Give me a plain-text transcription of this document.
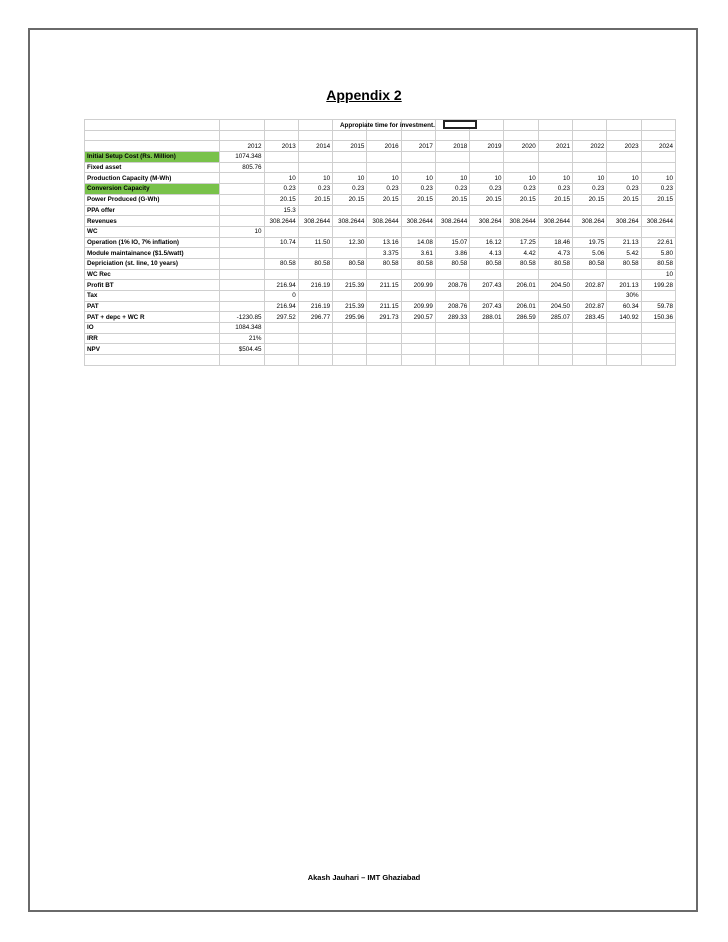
Appendix 2

	2012	2013	2014	2015	2016	2017	2018	2019	2020	2021	2022	2023	2024
Initial Setup Cost (Rs. Million)	1074.348												
Fixed asset	805.76												
Production Capacity (M-Wh)		10	10	10	10	10	10	10	10	10	10	10	10
Conversion Capacity		0.23	0.23	0.23	0.23	0.23	0.23	0.23	0.23	0.23	0.23	0.23	0.23
Power Produced (G-Wh)		20.15	20.15	20.15	20.15	20.15	20.15	20.15	20.15	20.15	20.15	20.15	20.15
PPA offer		15.3											
Revenues		308.2644	308.2644	308.2644	308.2644	308.2644	308.2644	308.264	308.2644	308.2644	308.264	308.264	308.2644
WC	10												
Operation (1% IO, 7% inflation)		10.74	11.50	12.30	13.16	14.08	15.07	16.12	17.25	18.46	19.75	21.13	22.61
Module maintainance ($1.5/watt)					3.375	3.61	3.86	4.13	4.42	4.73	5.06	5.42	5.80
Depriciation (st. line, 10 years)		80.58	80.58	80.58	80.58	80.58	80.58	80.58	80.58	80.58	80.58	80.58	80.58
WC Rec													10
Profit BT		216.94	216.19	215.39	211.15	209.99	208.76	207.43	206.01	204.50	202.87	201.13	199.28
Tax		0										30%	
PAT		216.94	216.19	215.39	211.15	209.99	208.76	207.43	206.01	204.50	202.87	60.34	59.78
PAT + depc + WC R	-1230.85	297.52	296.77	295.96	291.73	290.57	289.33	288.01	286.59	285.07	283.45	140.92	150.36
IO	1084.348												
IRR	21%												
NPV	$504.45												

Appropiate time for investment.
Akash Jauhari – IMT Ghaziabad
